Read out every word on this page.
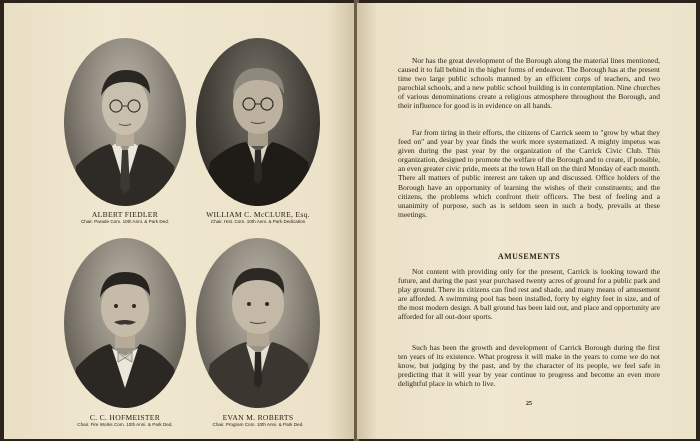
ALBERT FIEDLER
Chair. Parade Com. 10th Anni. & Park Ded.
WILLIAM C. McCLURE, Esq.
Chair. Hist. Com. 10th Anni. & Park Dedication
C. C. HOFMEISTER
Chair. Fire Works Com. 10th Anni. & Park Ded.
EVAN M. ROBERTS
Chair. Program Com. 10th Anni. & Park Ded.

Nor has the great development of the Borough along the material lines mentioned, caused it to fall behind in the higher forms of endeavor. The Borough has at the present time two large public schools manned by an efficient corps of teachers, and two parochial schools, and a new public school building is in contemplation. Nine churches of various denominations create a religious atmosphere throughout the Borough, and their influence for good is in evidence on all hands.

Far from tiring in their efforts, the citizens of Carrick seem to "grow by what they feed on" and year by year finds the work more systematized. A mighty impetus was given during the past year by the organization of the Carrick Civic Club. This organization, designed to promote the welfare of the Borough and to create, if possible, an even greater civic pride, meets at the town Hall on the third Monday of each month. There all matters of public interest are taken up and discussed. Office holders of the Borough have an opportunity of learning the wishes of their constituents; and the citizens, the problems which confront their officers. The best of feeling and a unanimity of purpose, such as is seldom seen in such a body, prevails at these meetings.

AMUSEMENTS

Not content with providing only for the present, Carrick is looking toward the future, and during the past year purchased twenty acres of ground for a public park and play ground. There its citizens can find rest and shade, and many means of amusement are afforded. A swimming pool has been installed, forty by eighty feet in size, and of the most modern design. A ball ground has been laid out, and place and opportunity are afforded for all out-door sports.

Such has been the growth and development of Carrick Borough during the first ten years of its existence. What progress it will make in the years to come we do not know, but judging by the past, and by the character of its people, we feel safe in predicting that it will year by year continue to progress and become an even more delightful place in which to live.

25
